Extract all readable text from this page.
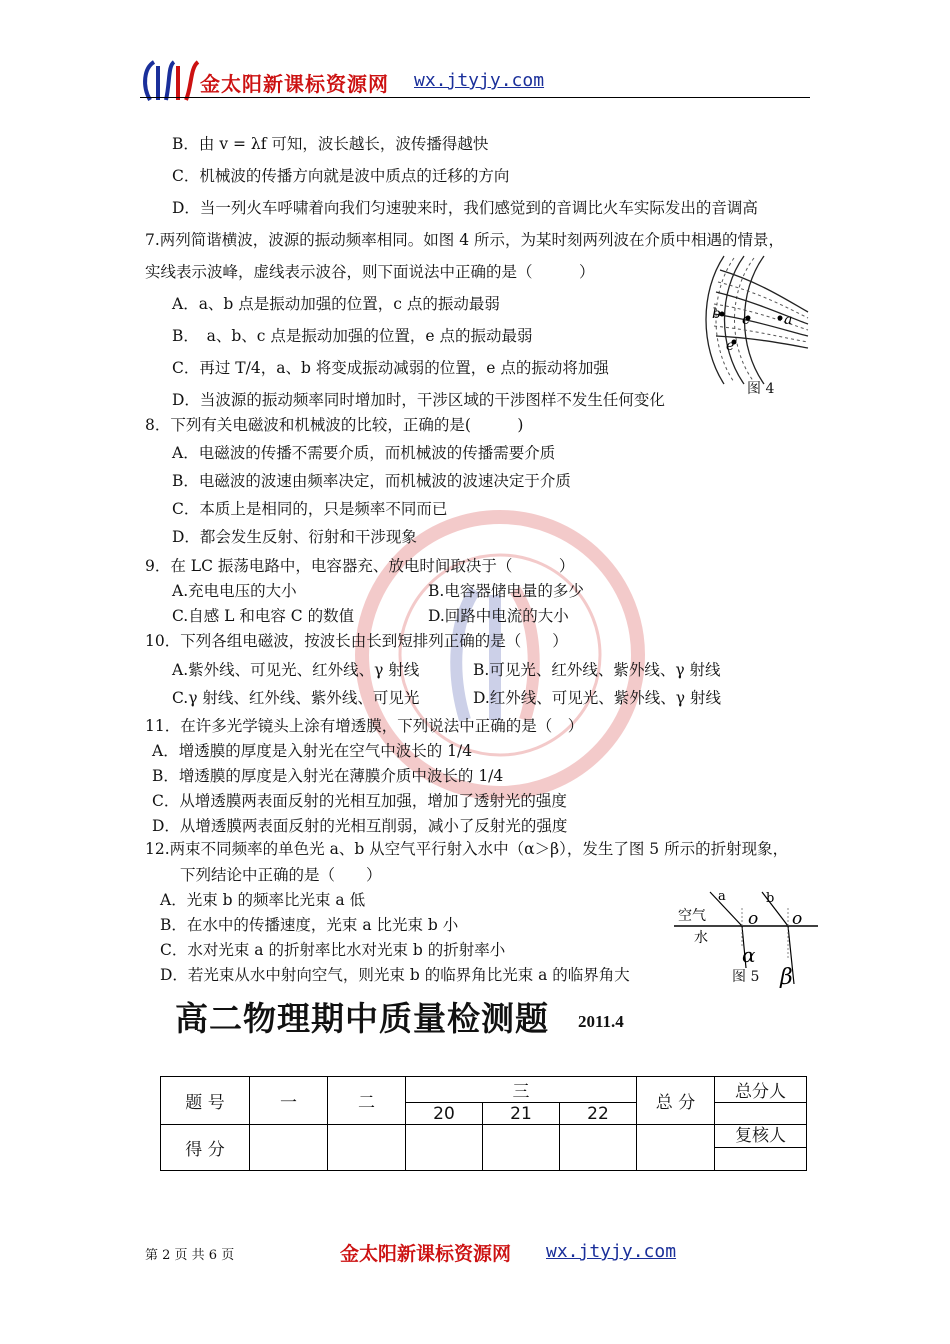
金太阳新课标资源网 wx.jtyjy.com
B．由 v = λf 可知，波长越长，波传播得越快
C．机械波的传播方向就是波中质点的迁移的方向
D．当一列火车呼啸着向我们匀速驶来时，我们感觉到的音调比火车实际发出的音调高
7.两列简谐横波，波源的振动频率相同。如图 4 所示，为某时刻两列波在介质中相遇的情景，
实线表示波峰，虚线表示波谷，则下面说法中正确的是（　　　）
A．a、b 点是振动加强的位置，c 点的振动最弱
B．　a、b、c 点是振动加强的位置，e 点的振动最弱
C．再过 T/4，a、b 将变成振动减弱的位置，e 点的振动将加强
D．当波源的振动频率同时增加时，干涉区域的干涉图样不发生任何变化
b c a
e
图 4
8．下列有关电磁波和机械波的比较，正确的是(　　　)
A．电磁波的传播不需要介质，而机械波的传播需要介质
B．电磁波的波速由频率决定，而机械波的波速决定于介质
C．本质上是相同的，只是频率不同而已
D．都会发生反射、衍射和干涉现象
9．在 LC 振荡电路中，电容器充、放电时间取决于（　　　）
A.充电电压的大小	B.电容器储电量的多少
C.自感 L 和电容 C 的数值	D.回路中电流的大小
10．下列各组电磁波，按波长由长到短排列正确的是（　　）
A.紫外线、可见光、红外线、γ 射线	B.可见光、红外线、紫外线、γ 射线
C.γ 射线、红外线、紫外线、可见光	D.红外线、可见光、紫外线、γ 射线
11．在许多光学镜头上涂有增透膜，下列说法中正确的是（　）
A．增透膜的厚度是入射光在空气中波长的 1/4
B．增透膜的厚度是入射光在薄膜介质中波长的 1/4
C．从增透膜两表面反射的光相互加强，增加了透射光的强度
D．从增透膜两表面反射的光相互削弱，减小了反射光的强度
12.两束不同频率的单色光 a、b 从空气平行射入水中（α＞β），发生了图 5 所示的折射现象，
下列结论中正确的是（　　）
A．光束 b 的频率比光束 a 低
B．在水中的传播速度，光束 a 比光束 b 小
C．水对光束 a 的折射率比水对光束 b 的折射率小
D．若光束从水中射向空气，则光束 b 的临界角比光束 a 的临界角大
空气
水
a	b
o o
α
β
图 5
高二物理期中质量检测题 2011.4
题 号	一	二	三			总 分	总分人
			20	21	22		
得 分							复核人
第 2 页 共 6 页	金太阳新课标资源网 wx.jtyjy.com
